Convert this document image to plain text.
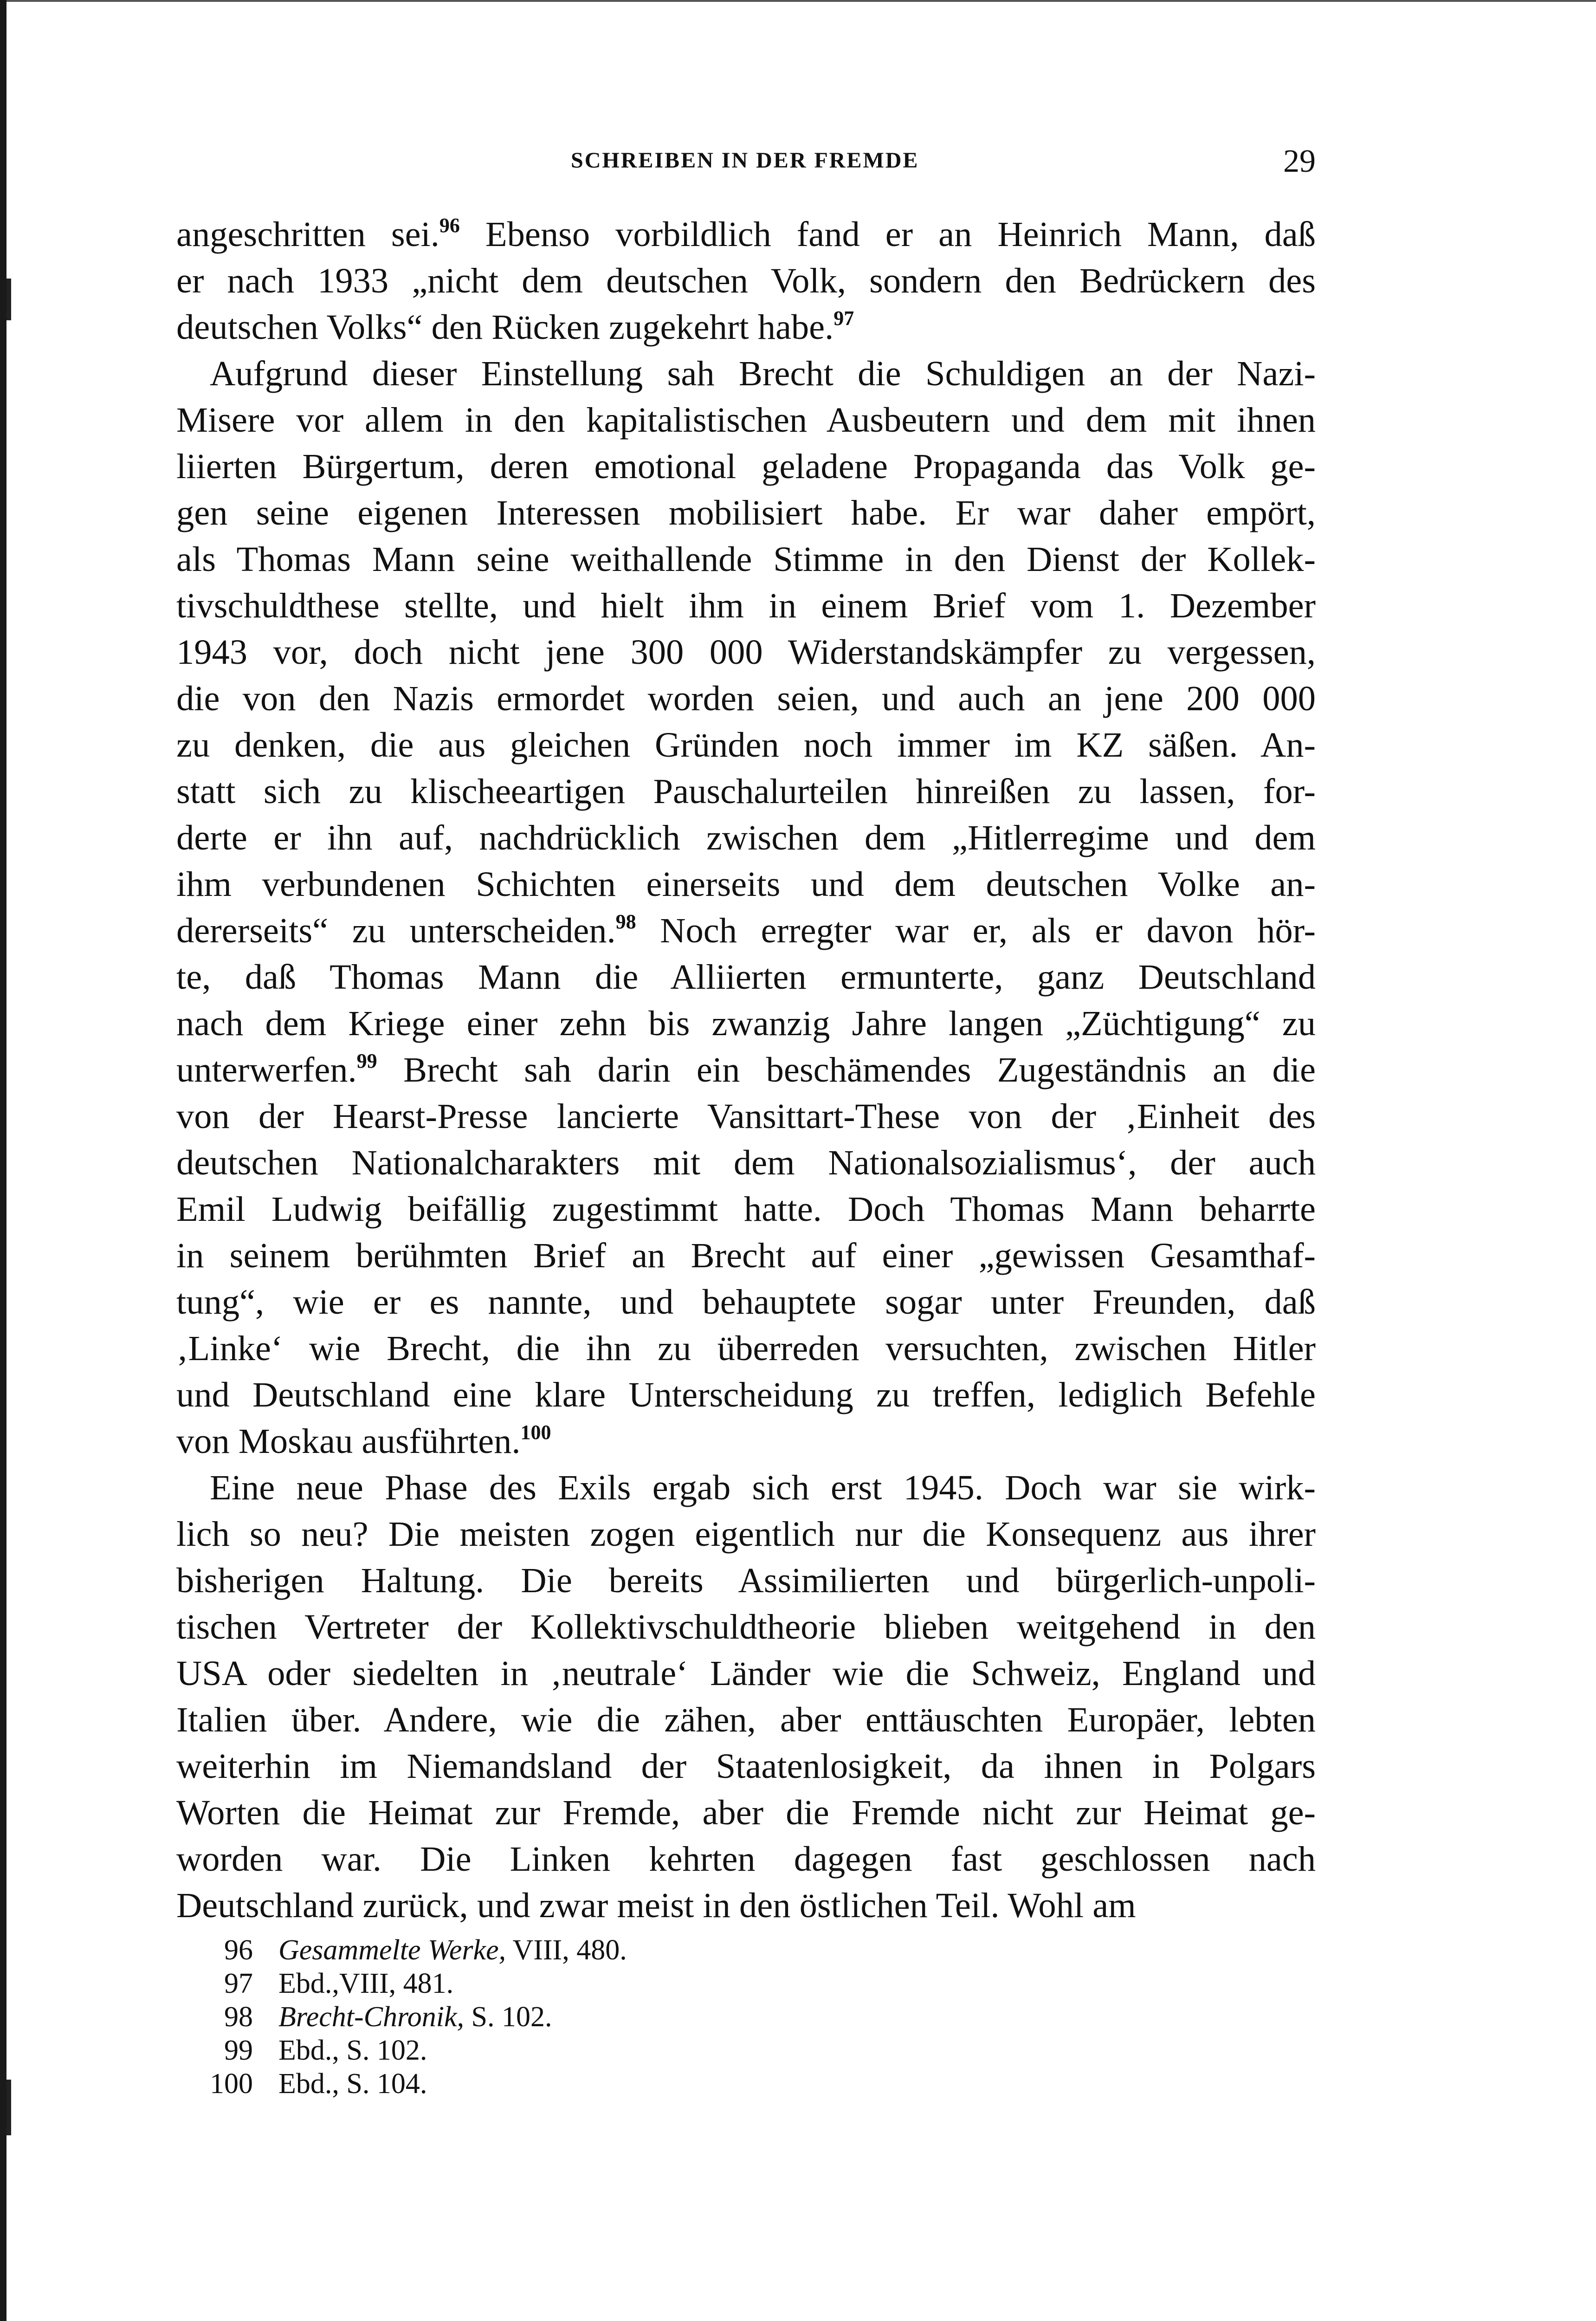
SCHREIBEN IN DER FREMDE	29
angeschritten sei.$^{96}$ Ebenso vorbildlich fand er an Heinrich Mann, daß
er nach 1933 „nicht dem deutschen Volk, sondern den Bedrückern des
deutschen Volks“ den Rücken zugekehrt habe.$^{97}$
Aufgrund dieser Einstellung sah Brecht die Schuldigen an der Nazi-
Misere vor allem in den kapitalistischen Ausbeutern und dem mit ihnen
liierten Bürgertum, deren emotional geladene Propaganda das Volk ge-
gen seine eigenen Interessen mobilisiert habe. Er war daher empört,
als Thomas Mann seine weithallende Stimme in den Dienst der Kollek-
tivschuldthese stellte, und hielt ihm in einem Brief vom 1. Dezember
1943 vor, doch nicht jene 300 000 Widerstandskämpfer zu vergessen,
die von den Nazis ermordet worden seien, und auch an jene 200 000
zu denken, die aus gleichen Gründen noch immer im KZ säßen. An-
statt sich zu klischeeartigen Pauschalurteilen hinreißen zu lassen, for-
derte er ihn auf, nachdrücklich zwischen dem „Hitlerregime und dem
ihm verbundenen Schichten einerseits und dem deutschen Volke an-
dererseits“ zu unterscheiden.$^{98}$ Noch erregter war er, als er davon hör-
te, daß Thomas Mann die Alliierten ermunterte, ganz Deutschland
nach dem Kriege einer zehn bis zwanzig Jahre langen „Züchtigung“ zu
unterwerfen.$^{99}$ Brecht sah darin ein beschämendes Zugeständnis an die
von der Hearst-Presse lancierte Vansittart-These von der ‚Einheit des
deutschen Nationalcharakters mit dem Nationalsozialismus‘, der auch
Emil Ludwig beifällig zugestimmt hatte. Doch Thomas Mann beharrte
in seinem berühmten Brief an Brecht auf einer „gewissen Gesamthaf-
tung“, wie er es nannte, und behauptete sogar unter Freunden, daß
‚Linke‘ wie Brecht, die ihn zu überreden versuchten, zwischen Hitler
und Deutschland eine klare Unterscheidung zu treffen, lediglich Befehle
von Moskau ausführten.$^{100}$
Eine neue Phase des Exils ergab sich erst 1945. Doch war sie wirk-
lich so neu? Die meisten zogen eigentlich nur die Konsequenz aus ihrer
bisherigen Haltung. Die bereits Assimilierten und bürgerlich-unpoli-
tischen Vertreter der Kollektivschuldtheorie blieben weitgehend in den
USA oder siedelten in ‚neutrale‘ Länder wie die Schweiz, England und
Italien über. Andere, wie die zähen, aber enttäuschten Europäer, lebten
weiterhin im Niemandsland der Staatenlosigkeit, da ihnen in Polgars
Worten die Heimat zur Fremde, aber die Fremde nicht zur Heimat ge-
worden war. Die Linken kehrten dagegen fast geschlossen nach
Deutschland zurück, und zwar meist in den östlichen Teil. Wohl am
96 Gesammelte Werke, VIII, 480.
97 Ebd.,VIII, 481.
98 Brecht-Chronik, S. 102.
99 Ebd., S. 102.
100 Ebd., S. 104.
